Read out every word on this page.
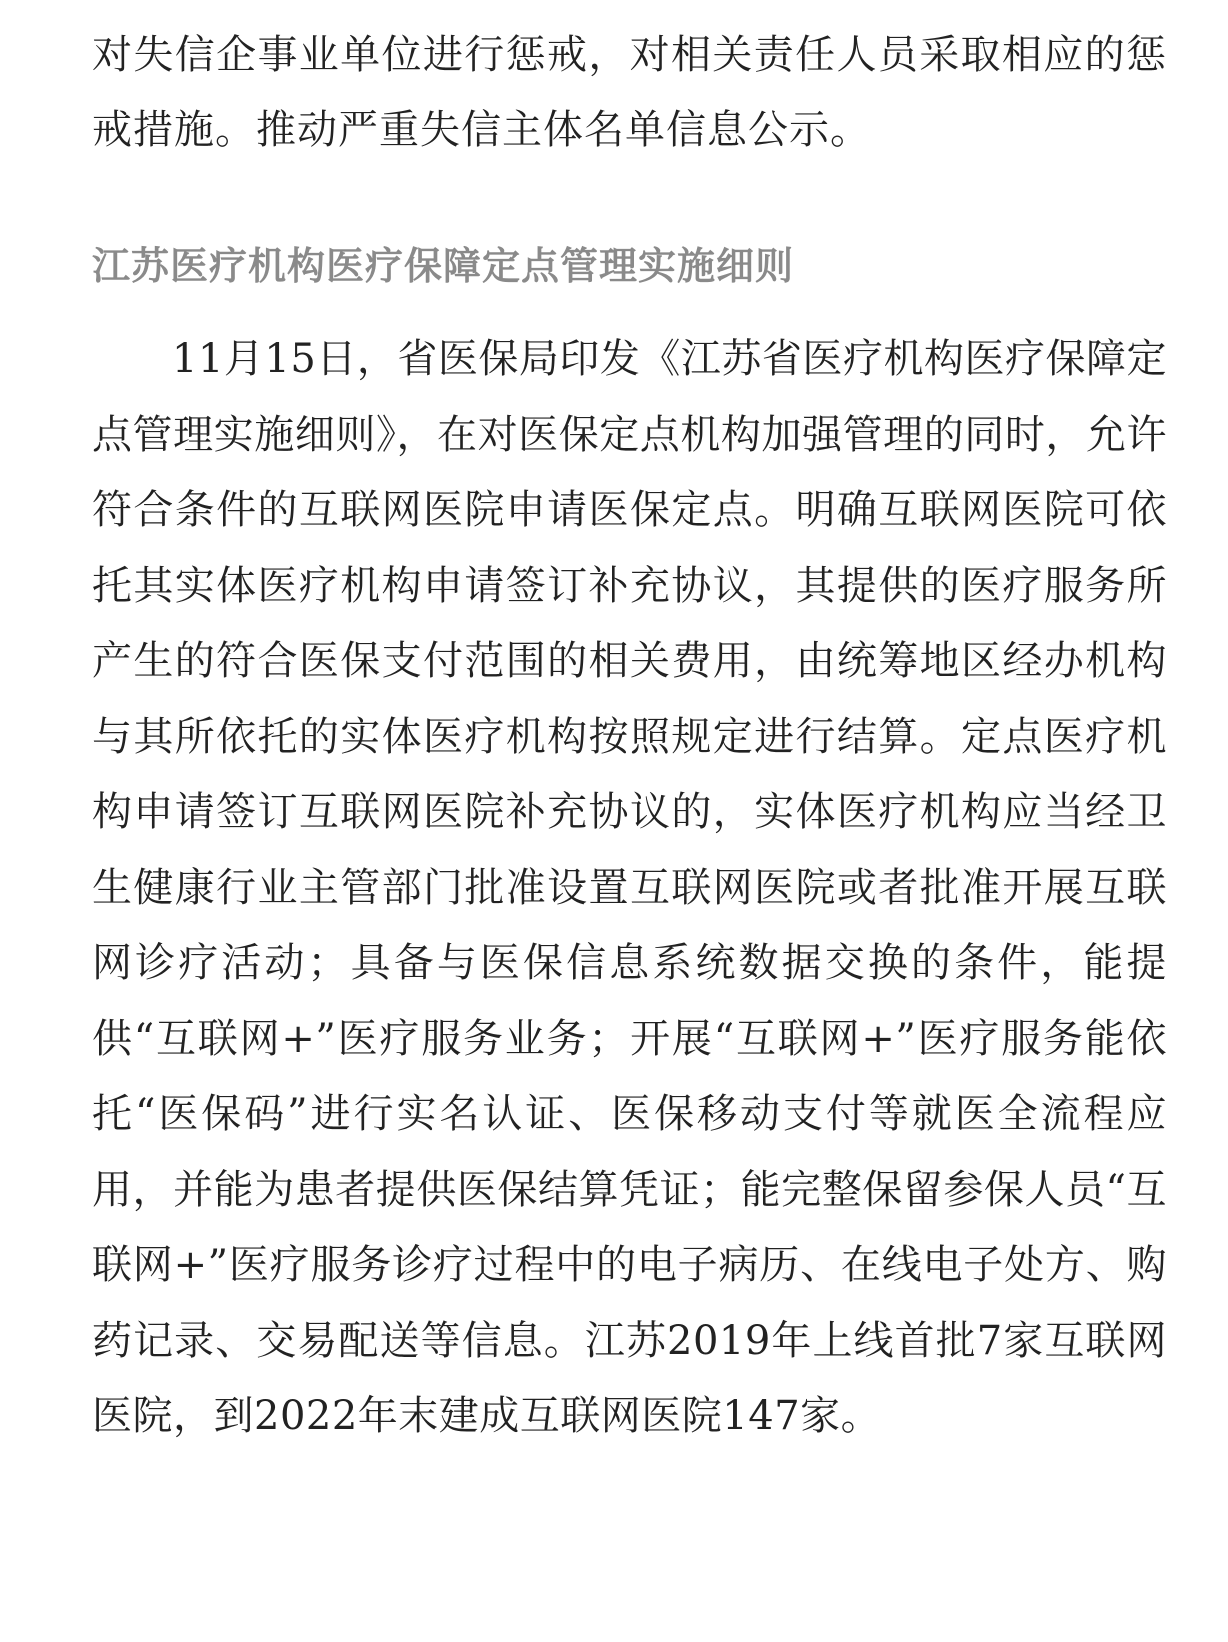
对失信企事业单位进行惩戒，对相关责任人员采取相应的惩戒措施。推动严重失信主体名单信息公示。

江苏医疗机构医疗保障定点管理实施细则

11月15日，省医保局印发《江苏省医疗机构医疗保障定点管理实施细则》，在对医保定点机构加强管理的同时，允许符合条件的互联网医院申请医保定点。明确互联网医院可依托其实体医疗机构申请签订补充协议，其提供的医疗服务所产生的符合医保支付范围的相关费用，由统筹地区经办机构与其所依托的实体医疗机构按照规定进行结算。定点医疗机构申请签订互联网医院补充协议的，实体医疗机构应当经卫生健康行业主管部门批准设置互联网医院或者批准开展互联网诊疗活动；具备与医保信息系统数据交换的条件，能提供“互联网+”医疗服务业务；开展“互联网+”医疗服务能依托“医保码”进行实名认证、医保移动支付等就医全流程应用，并能为患者提供医保结算凭证；能完整保留参保人员“互联网+”医疗服务诊疗过程中的电子病历、在线电子处方、购药记录、交易配送等信息。江苏2019年上线首批7家互联网医院，到2022年末建成互联网医院147家。
